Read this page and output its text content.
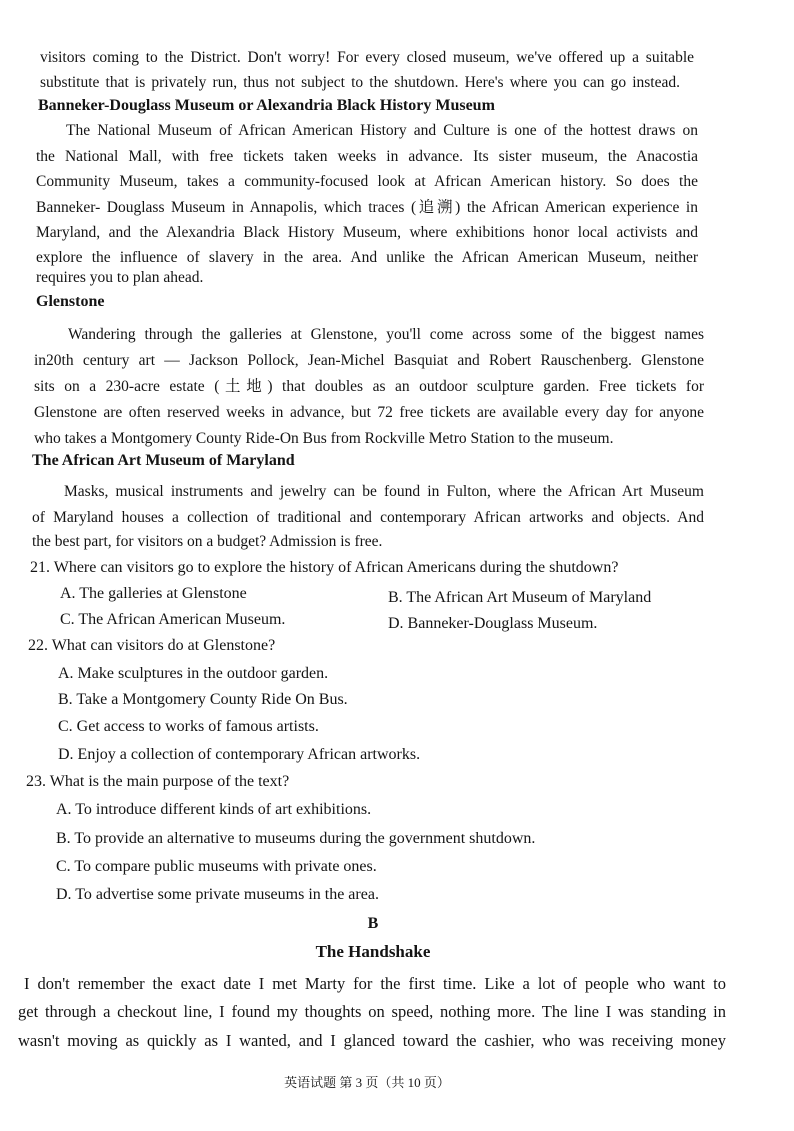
visitors coming to the District. Don't worry! For every closed museum, we've offered up a suitable
substitute that is privately run, thus not subject to the shutdown. Here's where you can go instead.
Banneker-Douglass Museum or Alexandria Black History Museum
The National Museum of African American History and Culture is one of the hottest draws on
the National Mall, with free tickets taken weeks in advance. Its sister museum, the Anacostia
Community Museum, takes a community-focused look at African American history. So does the
Banneker- Douglass Museum in Annapolis, which traces (追溯) the African American experience in
Maryland, and the Alexandria Black History Museum, where exhibitions honor local activists and
explore the influence of slavery in the area. And unlike the African American Museum, neither
requires you to plan ahead.
Glenstone
Wandering through the galleries at Glenstone, you'll come across some of the biggest names
in20th century art — Jackson Pollock, Jean-Michel Basquiat and Robert Rauschenberg. Glenstone
sits on a 230-acre estate (土地) that doubles as an outdoor sculpture garden. Free tickets for
Glenstone are often reserved weeks in advance, but 72 free tickets are available every day for anyone
who takes a Montgomery County Ride-On Bus from Rockville Metro Station to the museum.
The African Art Museum of Maryland
Masks, musical instruments and jewelry can be found in Fulton, where the African Art Museum
of Maryland houses a collection of traditional and contemporary African artworks and objects. And
the best part, for visitors on a budget? Admission is free.
21. Where can visitors go to explore the history of African Americans during the shutdown?
A. The galleries at Glenstone	B. The African Art Museum of Maryland
C. The African American Museum.	D. Banneker-Douglass Museum.
22. What can visitors do at Glenstone?
A. Make sculptures in the outdoor garden.
B. Take a Montgomery County Ride On Bus.
C. Get access to works of famous artists.
D. Enjoy a collection of contemporary African artworks.
23. What is the main purpose of the text?
A. To introduce different kinds of art exhibitions.
B. To provide an alternative to museums during the government shutdown.
C. To compare public museums with private ones.
D. To advertise some private museums in the area.
B
The Handshake
I don't remember the exact date I met Marty for the first time. Like a lot of people who want to
get through a checkout line, I found my thoughts on speed, nothing more. The line I was standing in
wasn't moving as quickly as I wanted, and I glanced toward the cashier, who was receiving money
英语试题 第 3 页（共 10 页）
